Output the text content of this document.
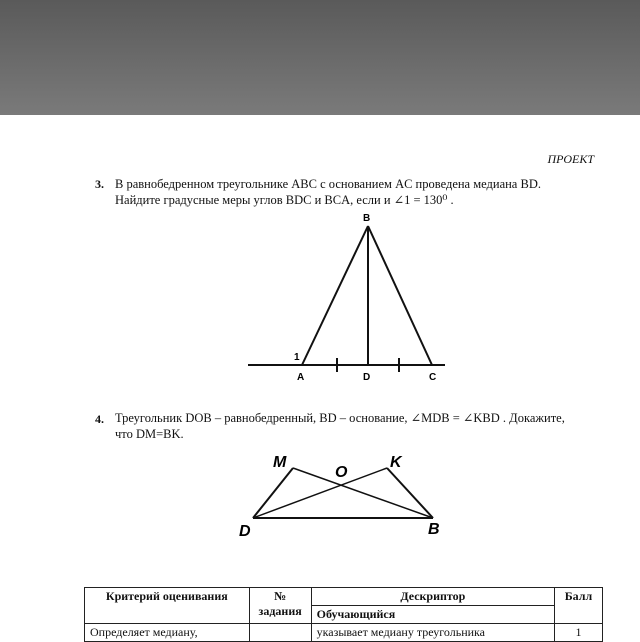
ПРОЕКТ
3. В равнобедренном треугольнике ABC с основанием AC проведена медиана BD.
Найдите градусные меры углов BDC и BCA, если и ∠1 = 130⁰ .
B
A	D	C
1
4. Треугольник DOB – равнобедренный, BD – основание, ∠MDB = ∠KBD . Докажите,
что DM=BK.
M
O
K
D	B
Критерий оценивания	№ задания	Дескриптор	Балл
		Обучающийся	
Определяет медиану,		указывает медиану треугольника	1
